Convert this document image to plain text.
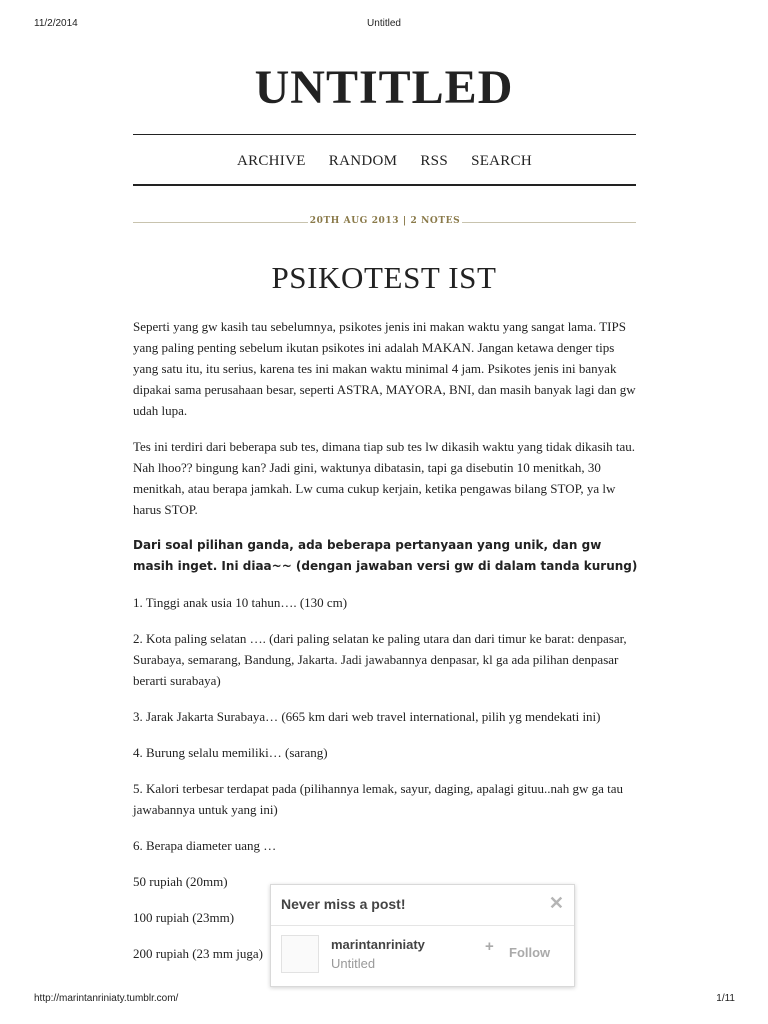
11/2/2014	Untitled
UNTITLED
ARCHIVE RANDOM RSS SEARCH
20TH AUG 2013 | 2 NOTES
PSIKOTEST IST

Seperti yang gw kasih tau sebelumnya, psikotes jenis ini makan waktu yang sangat lama. TIPS yang paling penting sebelum ikutan psikotes ini adalah MAKAN. Jangan ketawa denger tips yang satu itu, itu serius, karena tes ini makan waktu minimal 4 jam. Psikotes jenis ini banyak dipakai sama perusahaan besar, seperti ASTRA, MAYORA, BNI, dan masih banyak lagi dan gw udah lupa.

Tes ini terdiri dari beberapa sub tes, dimana tiap sub tes lw dikasih waktu yang tidak dikasih tau. Nah lhoo?? bingung kan? Jadi gini, waktunya dibatasin, tapi ga disebutin 10 menitkah, 30 menitkah, atau berapa jamkah. Lw cuma cukup kerjain, ketika pengawas bilang STOP, ya lw harus STOP.

Dari soal pilihan ganda, ada beberapa pertanyaan yang unik, dan gw masih inget. Ini diaa~~ (dengan jawaban versi gw di dalam tanda kurung)

1. Tinggi anak usia 10 tahun…. (130 cm)

2. Kota paling selatan …. (dari paling selatan ke paling utara dan dari timur ke barat: denpasar, Surabaya, semarang, Bandung, Jakarta. Jadi jawabannya denpasar, kl ga ada pilihan denpasar berarti surabaya)

3. Jarak Jakarta Surabaya… (665 km dari web travel international, pilih yg mendekati ini)

4. Burung selalu memiliki… (sarang)

5. Kalori terbesar terdapat pada (pilihannya lemak, sayur, daging, apalagi gituu..nah gw ga tau jawabannya untuk yang ini)

6. Berapa diameter uang …

50 rupiah (20mm)

100 rupiah (23mm)

200 rupiah (23 mm juga)

Never miss a post!	✕
marintanriniaty
Untitled
+ Follow
http://marintanriniaty.tumblr.com/	1/11
